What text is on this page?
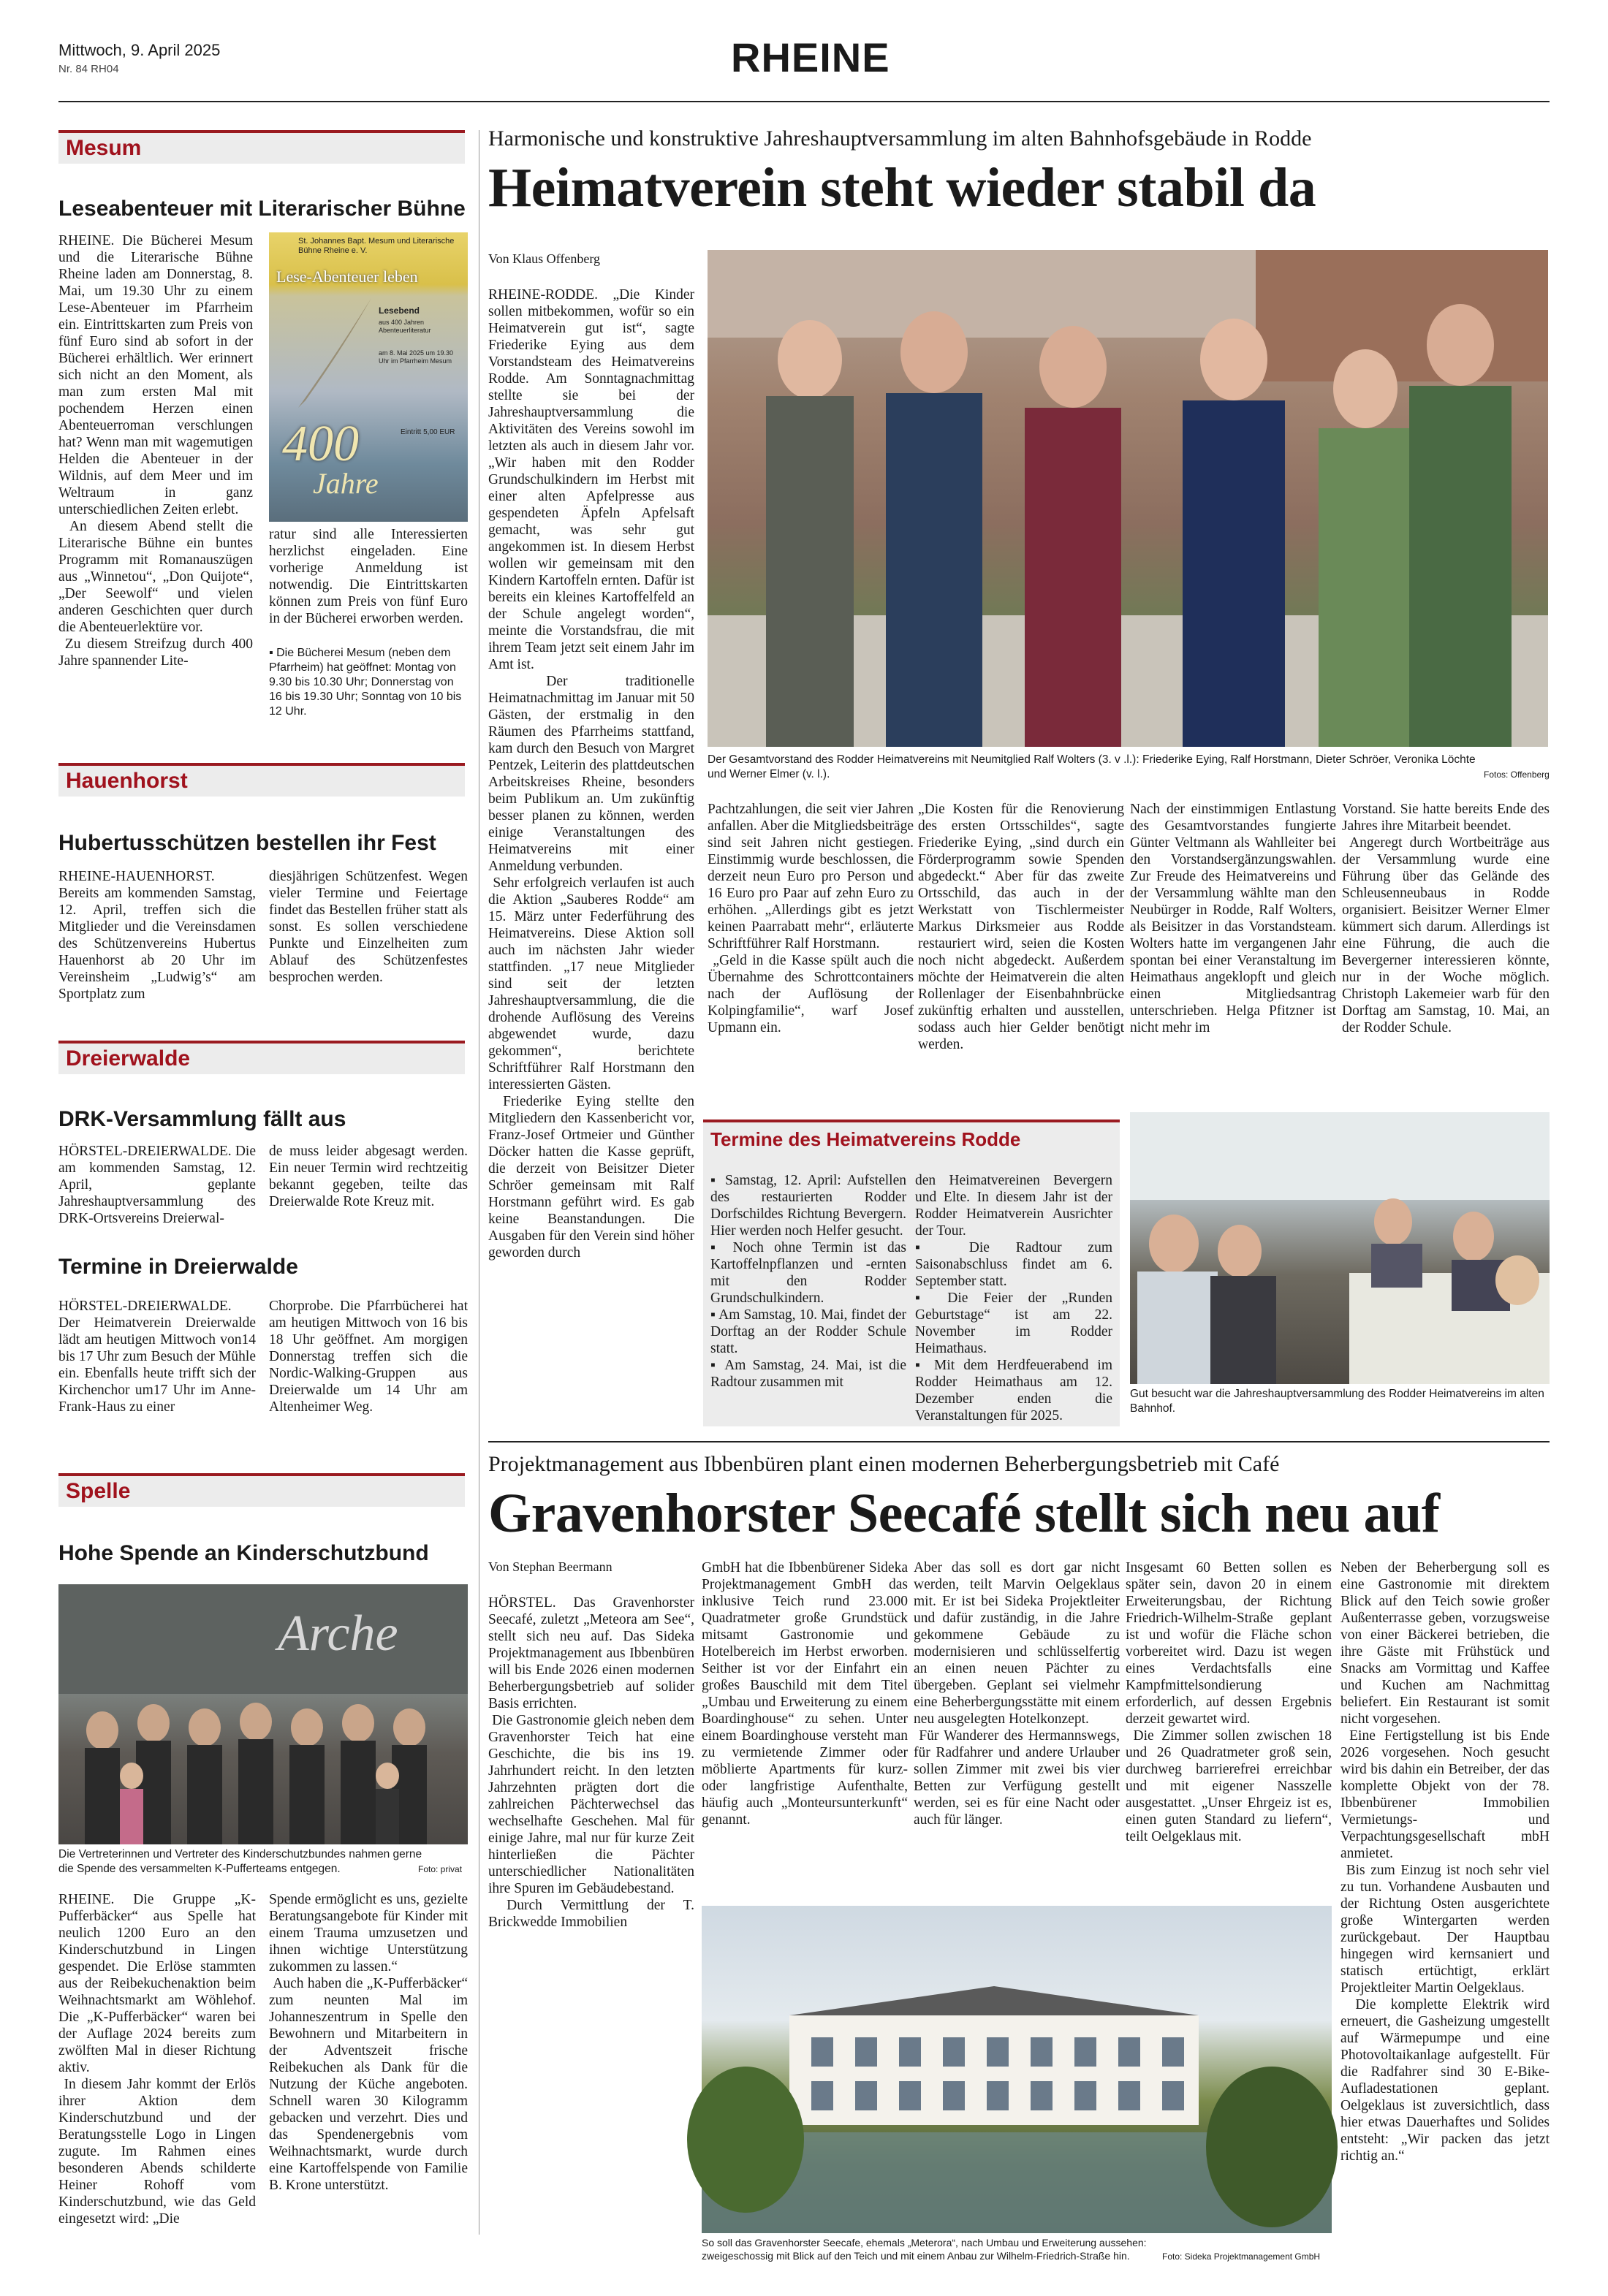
Mittwoch, 9. April 2025
Nr. 84 RH04	RHEINE
Mesum
Leseabenteuer mit Literarischer Bühne
RHEINE. Die Bücherei Mesum und die Literarische Bühne Rheine laden am Donnerstag, 8. Mai, um 19.30 Uhr zu einem Lese-Abenteuer im Pfarrheim ein. Eintrittskarten zum Preis von fünf Euro sind ab sofort in der Bücherei erhältlich. Wer erinnert sich nicht an den Moment, als man zum ersten Mal mit pochendem Herzen einen Abenteuerroman verschlungen hat? Wenn man mit wagemutigen Helden die Abenteuer in der Wildnis, auf dem Meer und im Weltraum in ganz unterschiedlichen Zeiten erlebt.
An diesem Abend stellt die Literarische Bühne ein buntes Programm mit Romanauszügen aus „Winnetou“, „Don Quijote“, „Der Seewolf“ und vielen anderen Geschichten quer durch die Abenteuerlektüre vor.
Zu diesem Streifzug durch 400 Jahre spannender Lite-
St. Johannes Bapt. Mesum und Literarische Bühne Rheine e. V.
Lese-Abenteuer leben
Lesebend
aus 400 Jahren Abenteuerliteratur
am 8. Mai 2025 um 19.30 Uhr im Pfarrheim Mesum
Eintritt 5,00 EUR
400
Jahre
ratur sind alle Interessierten herzlichst eingeladen. Eine vorherige Anmeldung ist notwendig. Die Eintrittskarten können zum Preis von fünf Euro in der Bücherei erworben werden.
▪ Die Bücherei Mesum (neben dem Pfarrheim) hat geöffnet: Montag von 9.30 bis 10.30 Uhr; Donnerstag von 16 bis 19.30 Uhr; Sonntag von 10 bis 12 Uhr.
Hauenhorst
Hubertusschützen bestellen ihr Fest
RHEINE-HAUENHORST. Bereits am kommenden Samstag, 12. April, treffen sich die Mitglieder und die Vereinsdamen des Schützenvereins Hubertus Hauenhorst ab 20 Uhr im Vereinsheim „Ludwig’s“ am Sportplatz zum
diesjährigen Schützenfest. Wegen vieler Termine und Feiertage findet das Bestellen früher statt als sonst. Es sollen verschiedene Punkte und Einzelheiten zum Ablauf des Schützenfestes besprochen werden.
Dreierwalde
DRK-Versammlung fällt aus
HÖRSTEL-DREIERWALDE. Die am kommenden Samstag, 12. April, geplante Jahreshauptversammlung des DRK-Ortsvereins Dreierwal-
de muss leider abgesagt werden. Ein neuer Termin wird rechtzeitig bekannt gegeben, teilte das Dreierwalde Rote Kreuz mit.
Termine in Dreierwalde
HÖRSTEL-DREIERWALDE. Der Heimatverein Dreierwalde lädt am heutigen Mittwoch von14 bis 17 Uhr zum Besuch der Mühle ein. Ebenfalls heute trifft sich der Kirchenchor um17 Uhr im Anne-Frank-Haus zu einer
Chorprobe. Die Pfarrbücherei hat am heutigen Mittwoch von 16 bis 18 Uhr geöffnet. Am morgigen Donnerstag treffen sich die Nordic-Walking-Gruppen aus Dreierwalde um 14 Uhr am Altenheimer Weg.
Spelle
Hohe Spende an Kinderschutzbund
Arche
Die Vertreterinnen und Vertreter des Kinderschutzbundes nahmen gerne die Spende des versammelten K-Pufferteams entgegen.	Foto: privat
RHEINE. Die Gruppe „K-Pufferbäcker“ aus Spelle hat neulich 1200 Euro an den Kinderschutzbund in Lingen gespendet. Die Erlöse stammten aus der Reibekuchenaktion beim Weihnachtsmarkt am Wöhlehof. Die „K-Pufferbäcker“ waren bei der Auflage 2024 bereits zum zwölften Mal in dieser Richtung aktiv.
In diesem Jahr kommt der Erlös ihrer Aktion dem Kinderschutzbund und der Beratungsstelle Logo in Lingen zugute. Im Rahmen eines besonderen Abends schilderte Heiner Rohoff vom Kinderschutzbund, wie das Geld eingesetzt wird: „Die
Spende ermöglicht es uns, gezielte Beratungsangebote für Kinder mit einem Trauma umzusetzen und ihnen wichtige Unterstützung zukommen zu lassen.“
Auch haben die „K-Pufferbäcker“ zum neunten Mal im Johanneszentrum in Spelle den Bewohnern und Mitarbeitern in der Adventszeit frische Reibekuchen als Dank für die Nutzung der Küche angeboten. Schnell waren 30 Kilogramm gebacken und verzehrt. Dies und das Spendenergebnis vom Weihnachtsmarkt, wurde durch eine Kartoffelspende von Familie B. Krone unterstützt.
Harmonische und konstruktive Jahreshauptversammlung im alten Bahnhofsgebäude in Rodde
Heimatverein steht wieder stabil da
Von Klaus Offenberg
RHEINE-RODDE. „Die Kinder sollen mitbekommen, wofür so ein Heimatverein gut ist“, sagte Friederike Eying aus dem Vorstandsteam des Heimatvereins Rodde. Am Sonntagnachmittag stellte sie bei der Jahreshauptversammlung die Aktivitäten des Vereins sowohl im letzten als auch in diesem Jahr vor. „Wir haben mit den Rodder Grundschulkindern im Herbst mit einer alten Apfelpresse aus gespendeten Äpfeln Apfelsaft gemacht, was sehr gut angekommen ist. In diesem Herbst wollen wir gemeinsam mit den Kindern Kartoffeln ernten. Dafür ist bereits ein kleines Kartoffelfeld an der Schule angelegt worden“, meinte die Vorstandsfrau, die mit ihrem Team jetzt seit einem Jahr im Amt ist.
Der traditionelle Heimatnachmittag im Januar mit 50 Gästen, der erstmalig in den Räumen des Pfarrheims stattfand, kam durch den Besuch von Margret Pentzek, Leiterin des plattdeutschen Arbeitskreises Rheine, besonders beim Publikum an. Um zukünftig besser planen zu können, werden einige Veranstaltungen des Heimatvereins mit einer Anmeldung verbunden.
Sehr erfolgreich verlaufen ist auch die Aktion „Sauberes Rodde“ am 15. März unter Federführung des Heimatvereins. Diese Aktion soll auch im nächsten Jahr wieder stattfinden. „17 neue Mitglieder sind seit der letzten Jahreshauptversammlung, die die drohende Auflösung des Vereins abgewendet wurde, dazu gekommen“, berichtete Schriftführer Ralf Horstmann den interessierten Gästen.
Friederike Eying stellte den Mitgliedern den Kassenbericht vor, Franz-Josef Ortmeier und Günther Döcker hatten die Kasse geprüft, die derzeit von Beisitzer Dieter Schröer gemeinsam mit Ralf Horstmann geführt wird. Es gab keine Beanstandungen. Die Ausgaben für den Verein sind höher geworden durch
Der Gesamtvorstand des Rodder Heimatvereins mit Neumitglied Ralf Wolters (3. v .l.): Friederike Eying, Ralf Horstmann, Dieter Schröer, Veronika Löchte und Werner Elmer (v. l.).	Fotos: Offenberg
Pachtzahlungen, die seit vier Jahren anfallen. Aber die Mitgliedsbeiträge sind seit Jahren nicht gestiegen. Einstimmig wurde beschlossen, die derzeit neun Euro pro Person und 16 Euro pro Paar auf zehn Euro zu erhöhen. „Allerdings gibt es jetzt keinen Paarrabatt mehr“, erläuterte Schriftführer Ralf Horstmann.
„Geld in die Kasse spült auch die Übernahme des Schrottcontainers nach der Auflösung der Kolpingfamilie“, warf Josef Upmann ein.
„Die Kosten für die Renovierung des ersten Ortsschildes“, sagte Friederike Eying, „sind durch ein Förderprogramm sowie Spenden abgedeckt.“ Aber für das zweite Ortsschild, das auch in der Werkstatt von Tischlermeister Markus Dirksmeier aus Rodde restauriert wird, seien die Kosten noch nicht abgedeckt. Außerdem möchte der Heimatverein die alten Rollenlager der Eisenbahnbrücke zukünftig erhalten und ausstellen, sodass auch hier Gelder benötigt werden.
Nach der einstimmigen Entlastung des Gesamtvorstandes fungierte Günter Veltmann als Wahlleiter bei den Vorstandsergänzungswahlen. Zur Freude des Heimatvereins und der Versammlung wählte man den Neubürger in Rodde, Ralf Wolters, als Beisitzer in das Vorstandsteam. Wolters hatte im vergangenen Jahr spontan bei einer Veranstaltung im Heimathaus angeklopft und gleich einen Mitgliedsantrag unterschrieben. Helga Pfitzner ist nicht mehr im
Vorstand. Sie hatte bereits Ende des Jahres ihre Mitarbeit beendet.
Angeregt durch Wortbeiträge aus der Versammlung wurde eine Führung über das Gelände des Schleusenneubaus in Rodde organisiert. Beisitzer Werner Elmer kümmert sich darum. Allerdings ist eine Führung, die auch die Bevergerner interessieren könnte, nur in der Woche möglich. Christoph Lakemeier warb für den Dorftag am Samstag, 10. Mai, an der Rodder Schule.
Termine des Heimatvereins Rodde
▪ Samstag, 12. April: Aufstellen des restaurierten Rodder Dorfschildes Richtung Bevergern. Hier werden noch Helfer gesucht.
▪ Noch ohne Termin ist das Kartoffelnpflanzen und -ernten mit den Rodder Grundschulkindern.
▪ Am Samstag, 10. Mai, findet der Dorftag an der Rodder Schule statt.
▪ Am Samstag, 24. Mai, ist die Radtour zusammen mit
den Heimatvereinen Bevergern und Elte. In diesem Jahr ist der Rodder Heimatverein Ausrichter der Tour.
▪ Die Radtour zum Saisonabschluss findet am 6. September statt.
▪ Die Feier der „Runden Geburtstage“ ist am 22. November im Rodder Heimathaus.
▪ Mit dem Herdfeuerabend im Rodder Heimathaus am 12. Dezember enden die Veranstaltungen für 2025.
Gut besucht war die Jahreshauptversammlung des Rodder Heimatvereins im alten Bahnhof.
Projektmanagement aus Ibbenbüren plant einen modernen Beherbergungsbetrieb mit Café
Gravenhorster Seecafé stellt sich neu auf
Von Stephan Beermann
HÖRSTEL. Das Gravenhorster Seecafé, zuletzt „Meteora am See“, stellt sich neu auf. Das Sideka Projektmanagement aus Ibbenbüren will bis Ende 2026 einen modernen Beherbergungsbetrieb auf solider Basis errichten.
Die Gastronomie gleich neben dem Gravenhorster Teich hat eine Geschichte, die bis ins 19. Jahrhundert reicht. In den letzten Jahrzehnten prägten dort die zahlreichen Pächterwechsel das wechselhafte Geschehen. Mal für einige Jahre, mal nur für kurze Zeit hinterließen die Pächter unterschiedlicher Nationalitäten ihre Spuren im Gebäudebestand.
Durch Vermittlung der T. Brickwedde Immobilien
GmbH hat die Ibbenbürener Sideka Projektmanagement GmbH das inklusive Teich rund 23.000 Quadratmeter große Grundstück mitsamt Gastronomie und Hotelbereich im Herbst erworben. Seither ist vor der Einfahrt ein großes Bauschild mit dem Titel „Umbau und Erweiterung zu einem Boardinghouse“ zu sehen. Unter einem Boardinghouse versteht man zu vermietende Zimmer oder möblierte Apartments für kurz- oder langfristige Aufenthalte, häufig auch „Monteursunterkunft“ genannt.
Aber das soll es dort gar nicht werden, teilt Marvin Oelgeklaus mit. Er ist bei Sideka Projektleiter und dafür zuständig, in die Jahre gekommene Gebäude zu modernisieren und schlüsselfertig an einen neuen Pächter zu übergeben. Geplant sei vielmehr eine Beherbergungsstätte mit einem neu ausgelegten Hotelkonzept.
Für Wanderer des Hermannswegs, für Radfahrer und andere Urlauber sollen Zimmer mit zwei bis vier Betten zur Verfügung gestellt werden, sei es für eine Nacht oder auch für länger.
Insgesamt 60 Betten sollen es später sein, davon 20 in einem Erweiterungsbau, der Richtung Friedrich-Wilhelm-Straße geplant ist und wofür die Fläche schon vorbereitet wird. Dazu ist wegen eines Verdachtsfalls eine Kampfmittelsondierung erforderlich, auf dessen Ergebnis derzeit gewartet wird.
Die Zimmer sollen zwischen 18 und 26 Quadratmeter groß sein, durchweg barrierefrei erreichbar und mit eigener Nasszelle ausgestattet. „Unser Ehrgeiz ist es, einen guten Standard zu liefern“, teilt Oelgeklaus mit.
Neben der Beherbergung soll es eine Gastronomie mit direktem Blick auf den Teich sowie großer Außenterrasse geben, vorzugsweise von einer Bäckerei betrieben, die ihre Gäste mit Frühstück und Snacks am Vormittag und Kaffee und Kuchen am Nachmittag beliefert. Ein Restaurant ist somit nicht vorgesehen.
Eine Fertigstellung ist bis Ende 2026 vorgesehen. Noch gesucht wird bis dahin ein Betreiber, der das komplette Objekt von der 78. Ibbenbürener Immobilien Vermietungs- und Verpachtungsgesellschaft mbH anmietet.
Bis zum Einzug ist noch sehr viel zu tun. Vorhandene Ausbauten und der Richtung Osten ausgerichtete große Wintergarten werden zurückgebaut. Der Hauptbau hingegen wird kernsaniert und statisch ertüchtigt, erklärt Projektleiter Martin Oelgeklaus.
Die komplette Elektrik wird erneuert, die Gasheizung umgestellt auf Wärmepumpe und eine Photovoltaikanlage aufgestellt. Für die Radfahrer sind 30 E-Bike-Aufladestationen geplant. Oelgeklaus ist zuversichtlich, dass hier etwas Dauerhaftes und Solides entsteht: „Wir packen das jetzt richtig an.“
So soll das Gravenhorster Seecafe, ehemals „Meterora“, nach Umbau und Erweiterung aussehen: zweigeschossig mit Blick auf den Teich und mit einem Anbau zur Wilhelm-Friedrich-Straße hin.	Foto: Sideka Projektmanagement GmbH
